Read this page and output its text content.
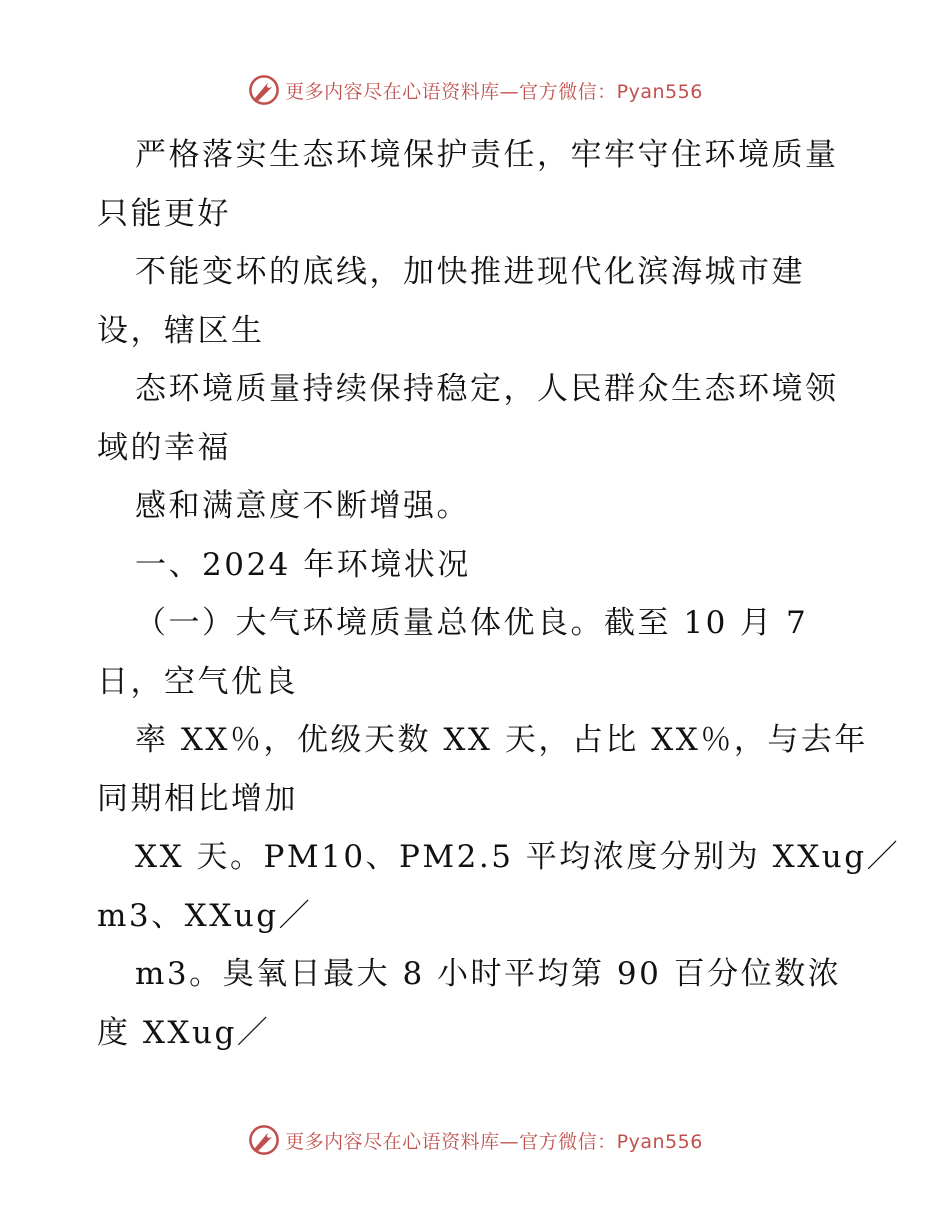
更多内容尽在心语资料库—官方微信：Pyan556
严格落实生态环境保护责任，牢牢守住环境质量
只能更好
不能变坏的底线，加快推进现代化滨海城市建
设，辖区生
态环境质量持续保持稳定，人民群众生态环境领
域的幸福
感和满意度不断增强。
一、2024 年环境状况
（一）大气环境质量总体优良。截至 10 月 7
日，空气优良
率 XX％，优级天数 XX 天，占比 XX％，与去年
同期相比增加
XX 天。PM10、PM2.5 平均浓度分别为 XXug／
m3、XXug／
m3。臭氧日最大 8 小时平均第 90 百分位数浓
度 XXug／
更多内容尽在心语资料库—官方微信：Pyan556
